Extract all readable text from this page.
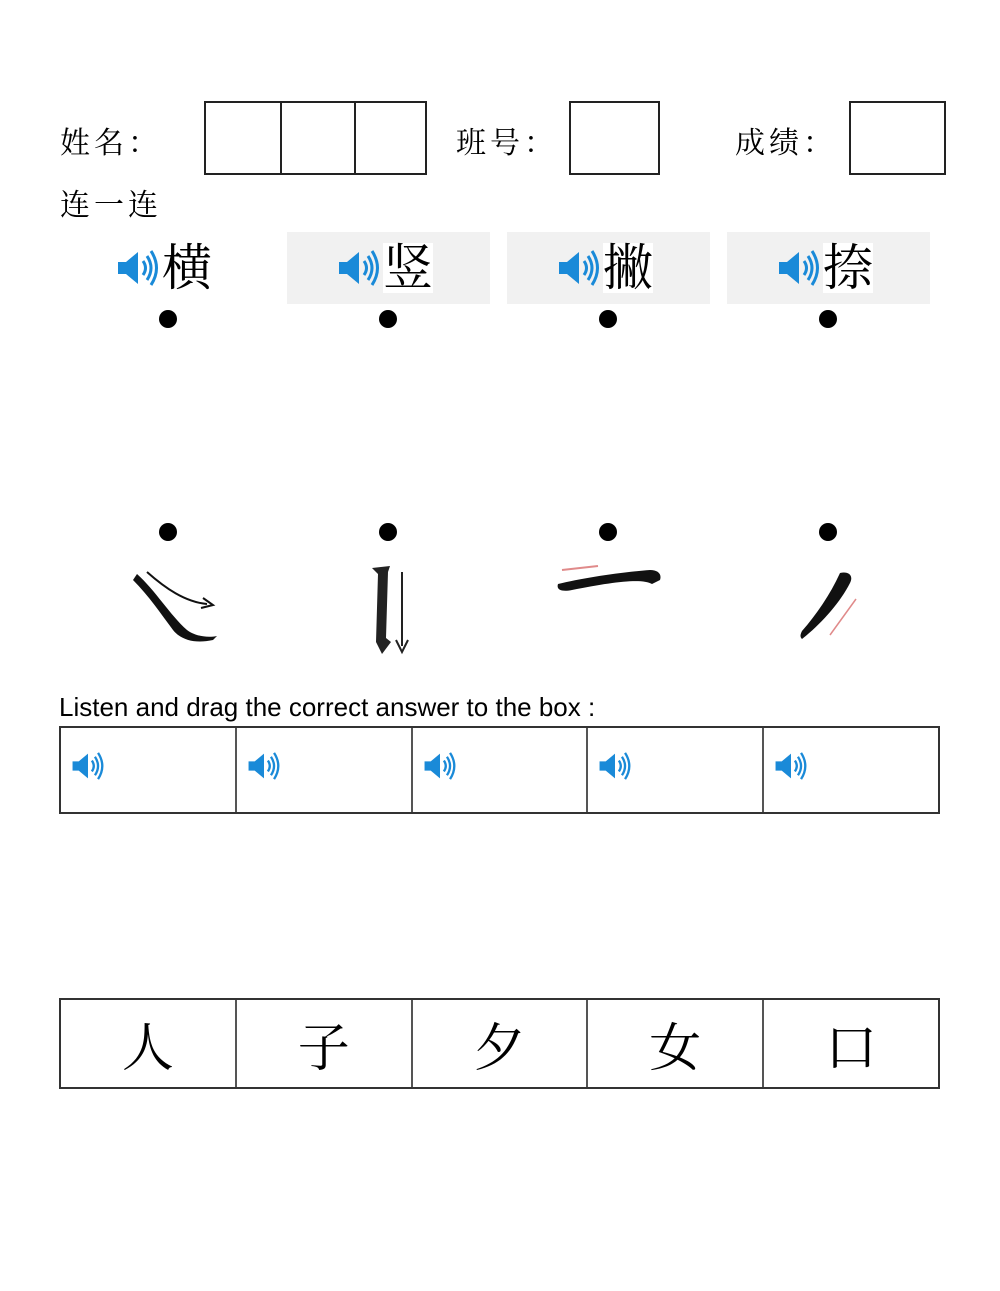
姓名：	班号：	成绩：
连一连
横	竖	撇	捺
Listen and drag the correct answer to the box :
人	子	夕	女	口
